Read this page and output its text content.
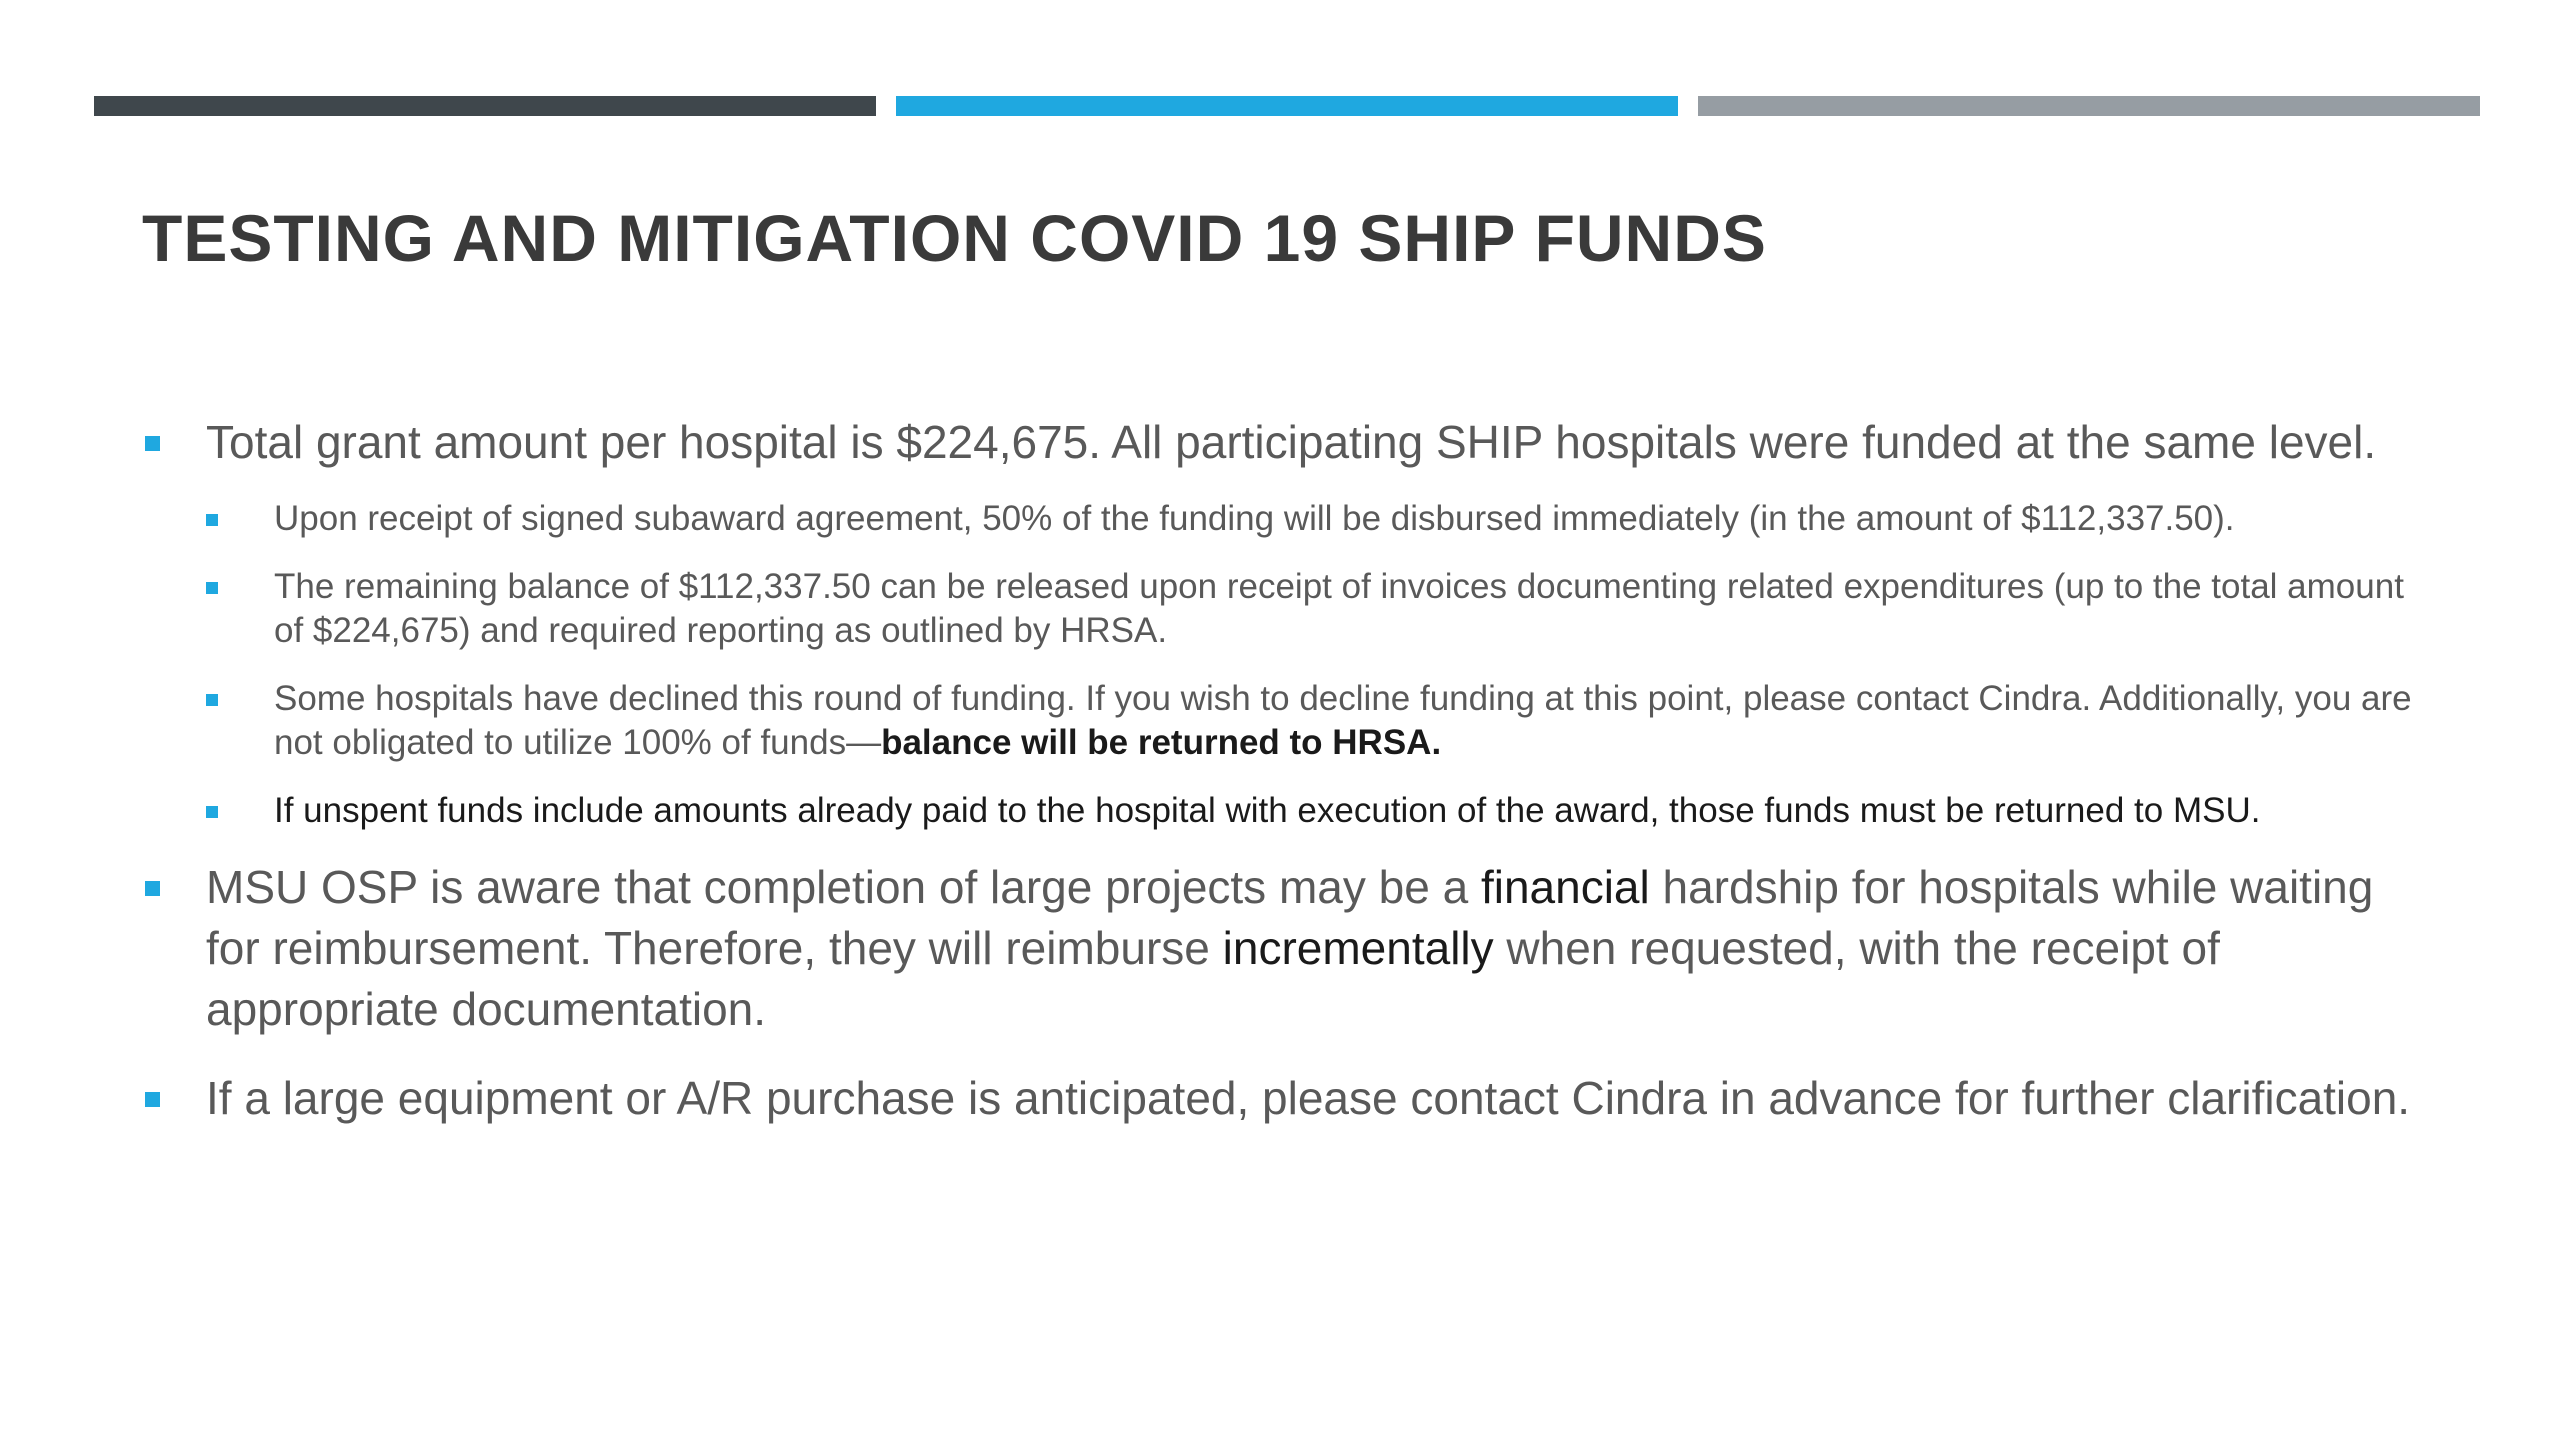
TESTING AND MITIGATION COVID 19 SHIP FUNDS
Total grant amount per hospital is $224,675. All participating SHIP hospitals were funded at the same level.
Upon receipt of signed subaward agreement, 50% of the funding will be disbursed immediately (in the amount of $112,337.50).
The remaining balance of $112,337.50 can be released upon receipt of invoices documenting related expenditures (up to the total amount of $224,675) and required reporting as outlined by HRSA.
Some hospitals have declined this round of funding. If you wish to decline funding at this point, please contact Cindra. Additionally, you are not obligated to utilize 100% of funds—balance will be returned to HRSA.
If unspent funds include amounts already paid to the hospital with execution of the award, those funds must be returned to MSU.
MSU OSP is aware that completion of large projects may be a financial hardship for hospitals while waiting for reimbursement. Therefore, they will reimburse incrementally when requested, with the receipt of appropriate documentation.
If a large equipment or A/R purchase is anticipated, please contact Cindra in advance for further clarification.
